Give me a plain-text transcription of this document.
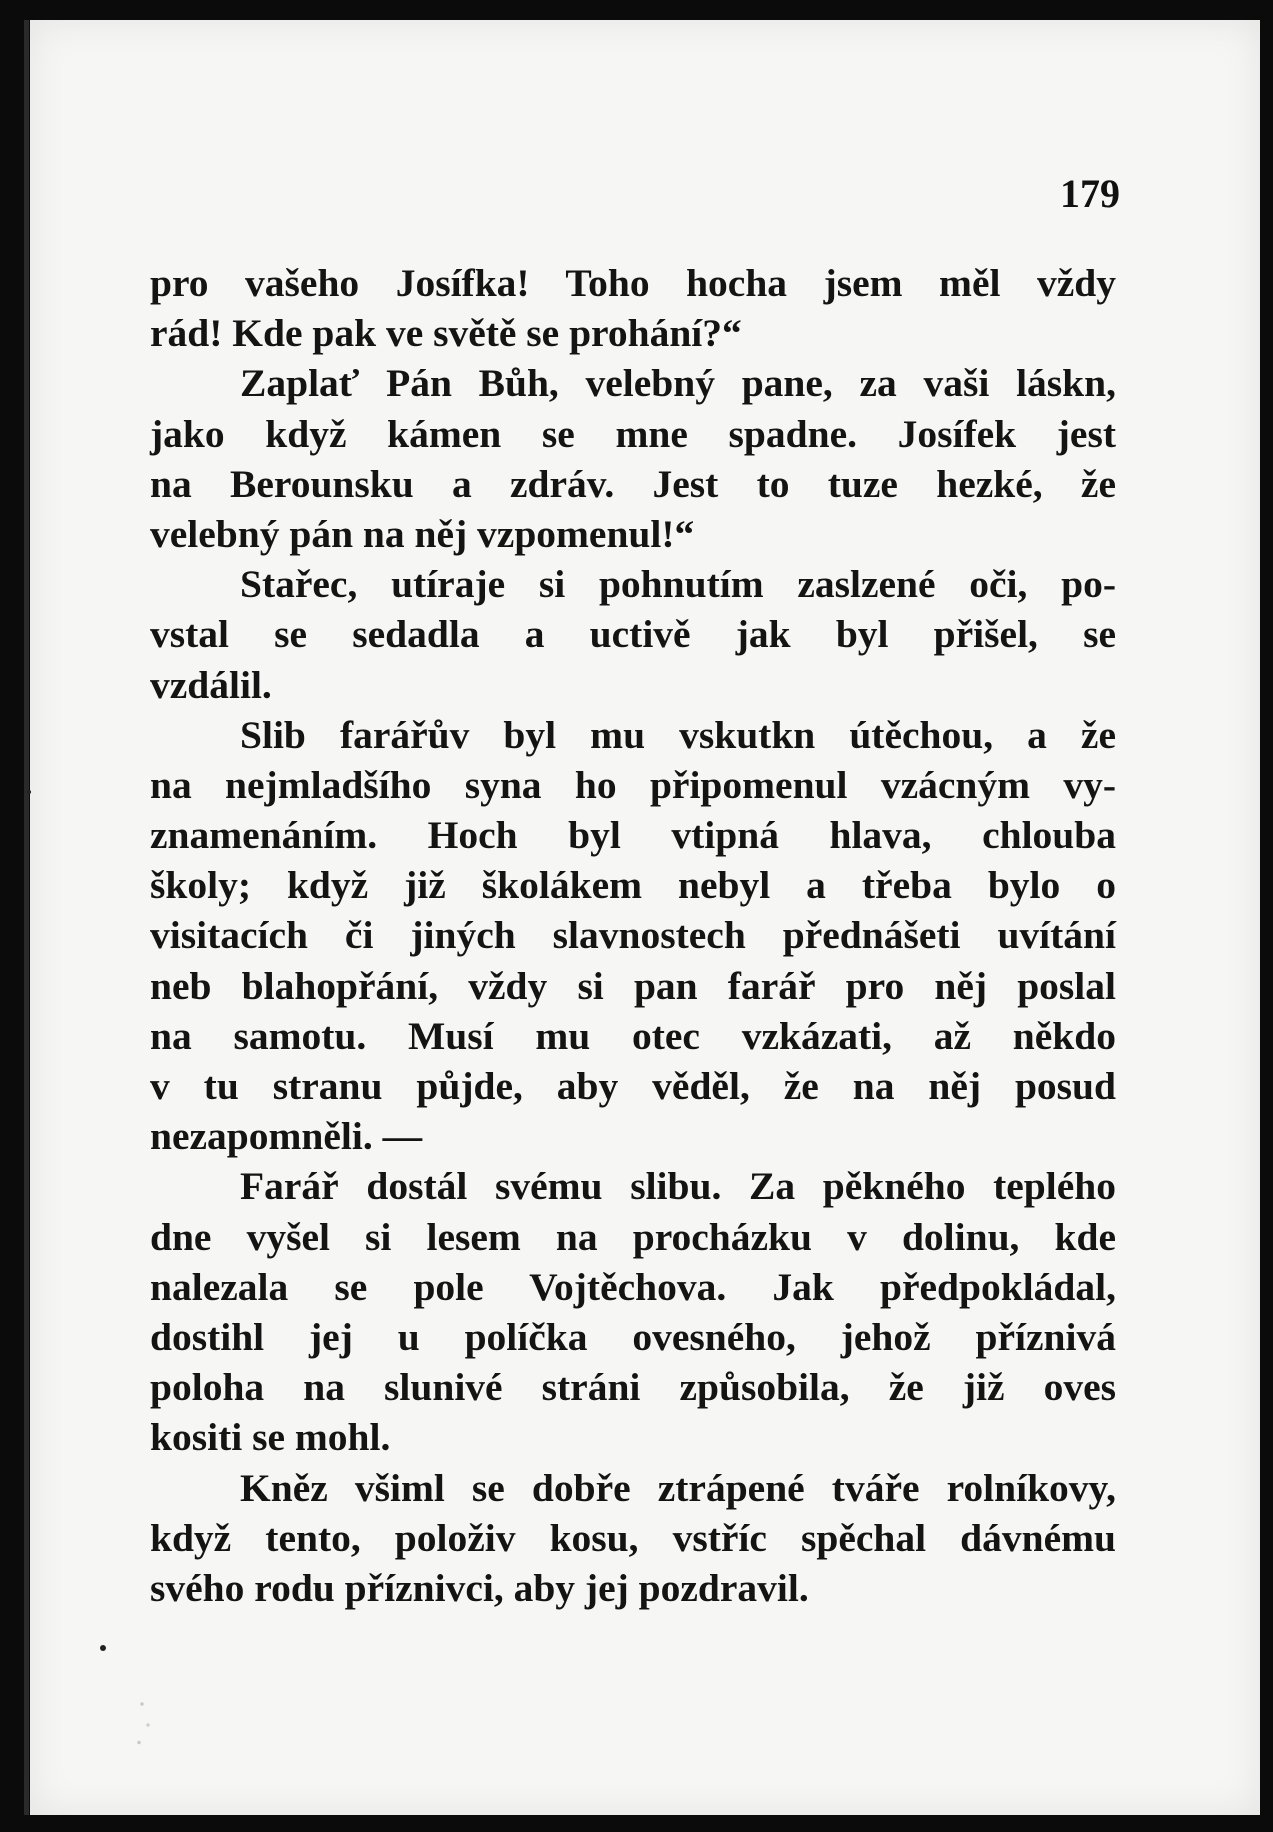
179
pro vašeho Josífka! Toho hocha jsem měl vždy
rád! Kde pak ve světě se prohání?“
Zaplať Pán Bůh, velebný pane, za vaši láskn,
jako když kámen se mne spadne. Josífek jest
na Berounsku a zdráv. Jest to tuze hezké, že
velebný pán na něj vzpomenul!“
Stařec, utíraje si pohnutím zaslzené oči, po-
vstal se sedadla a uctivě jak byl přišel, se
vzdálil.
Slib farářův byl mu vskutkn útěchou, a že
na nejmladšího syna ho připomenul vzácným vy-
znamenáním. Hoch byl vtipná hlava, chlouba
školy; když již školákem nebyl a třeba bylo o
visitacích či jiných slavnostech přednášeti uvítání
neb blahopřání, vždy si pan farář pro něj poslal
na samotu. Musí mu otec vzkázati, až někdo
v tu stranu půjde, aby věděl, že na něj posud
nezapomněli. —
Farář dostál svému slibu. Za pěkného teplého
dne vyšel si lesem na procházku v dolinu, kde
nalezala se pole Vojtěchova. Jak předpokládal,
dostihl jej u políčka ovesného, jehož příznivá
poloha na slunivé stráni způsobila, že již oves
kositi se mohl.
Kněz všiml se dobře ztrápené tváře rolníkovy,
když tento, položiv kosu, vstříc spěchal dávnému
svého rodu příznivci, aby jej pozdravil.
